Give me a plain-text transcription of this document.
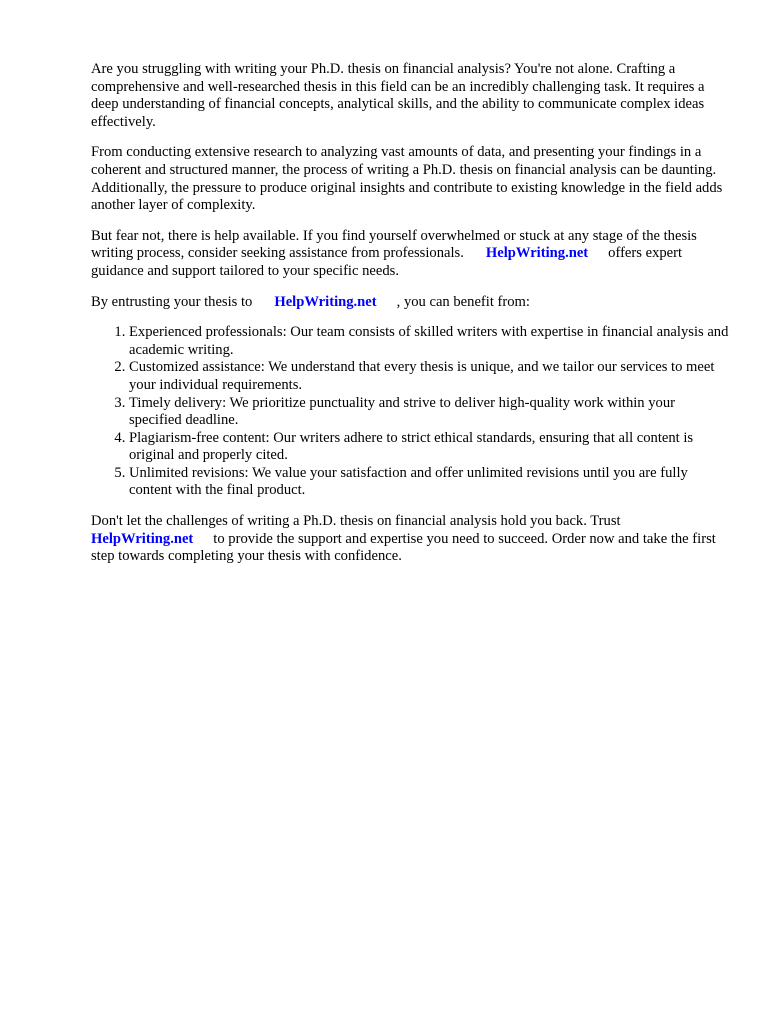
Are you struggling with writing your Ph.D. thesis on financial analysis? You're not alone. Crafting a comprehensive and well-researched thesis in this field can be an incredibly challenging task. It requires a deep understanding of financial concepts, analytical skills, and the ability to communicate complex ideas effectively.

From conducting extensive research to analyzing vast amounts of data, and presenting your findings in a coherent and structured manner, the process of writing a Ph.D. thesis on financial analysis can be daunting. Additionally, the pressure to produce original insights and contribute to existing knowledge in the field adds another layer of complexity.

But fear not, there is help available. If you find yourself overwhelmed or stuck at any stage of the thesis writing process, consider seeking assistance from professionals. HelpWriting.net offers expert guidance and support tailored to your specific needs.

By entrusting your thesis to HelpWriting.net , you can benefit from:

1. Experienced professionals: Our team consists of skilled writers with expertise in financial analysis and academic writing.
2. Customized assistance: We understand that every thesis is unique, and we tailor our services to meet your individual requirements.
3. Timely delivery: We prioritize punctuality and strive to deliver high-quality work within your specified deadline.
4. Plagiarism-free content: Our writers adhere to strict ethical standards, ensuring that all content is original and properly cited.
5. Unlimited revisions: We value your satisfaction and offer unlimited revisions until you are fully content with the final product.

Don't let the challenges of writing a Ph.D. thesis on financial analysis hold you back. Trust
HelpWriting.net to provide the support and expertise you need to succeed. Order now and take the first step towards completing your thesis with confidence.
